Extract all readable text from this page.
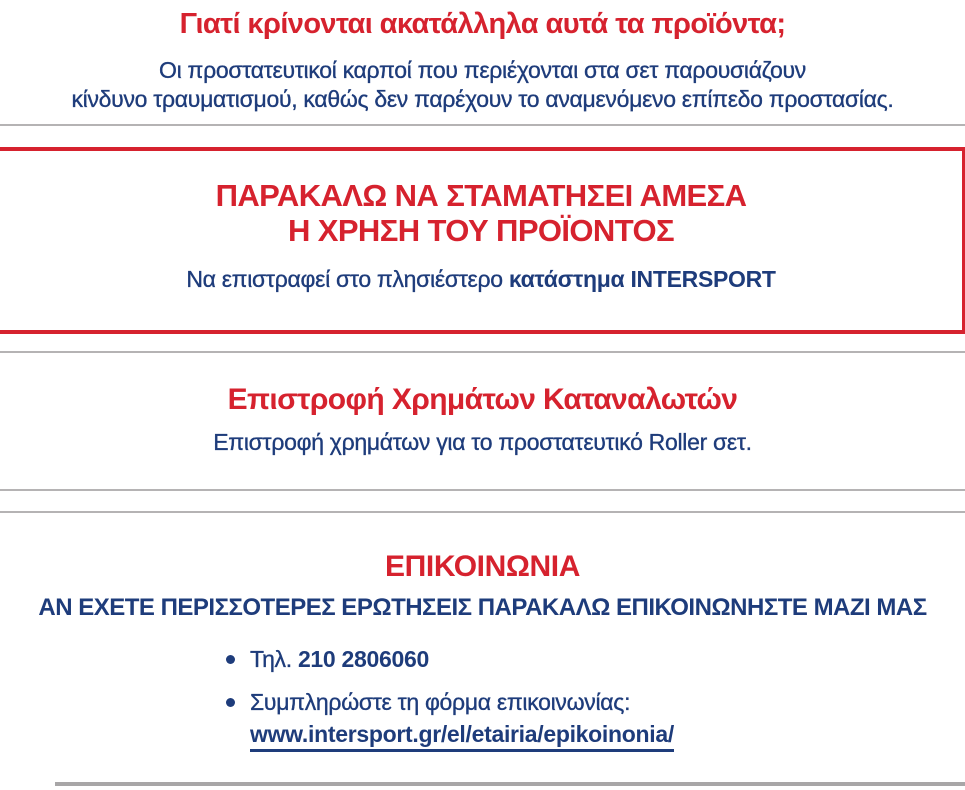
Γιατί κρίνονται ακατάλληλα αυτά τα προϊόντα;
Οι προστατευτικοί καρποί που περιέχονται στα σετ παρουσιάζουν
κίνδυνο τραυματισμού, καθώς δεν παρέχουν το αναμενόμενο επίπεδο προστασίας.
ΠΑΡΑΚΑΛΩ ΝΑ ΣΤΑΜΑΤΗΣΕΙ ΑΜΕΣΑ
Η ΧΡΗΣΗ ΤΟΥ ΠΡΟΪΟΝΤΟΣ
Να επιστραφεί στο πλησιέστερο κατάστημα INTERSPORT
Επιστροφή Χρημάτων Καταναλωτών
Επιστροφή χρημάτων για το προστατευτικό Roller σετ.
ΕΠΙΚΟΙΝΩΝΙΑ
ΑΝ ΕΧΕΤΕ ΠΕΡΙΣΣΟΤΕΡΕΣ ΕΡΩΤΗΣΕΙΣ ΠΑΡΑΚΑΛΩ ΕΠΙΚΟΙΝΩΝΗΣΤΕ ΜΑΖΙ ΜΑΣ
Τηλ. 210 2806060
Συμπληρώστε τη φόρμα επικοινωνίας:
www.intersport.gr/el/etairia/epikoinonia/
